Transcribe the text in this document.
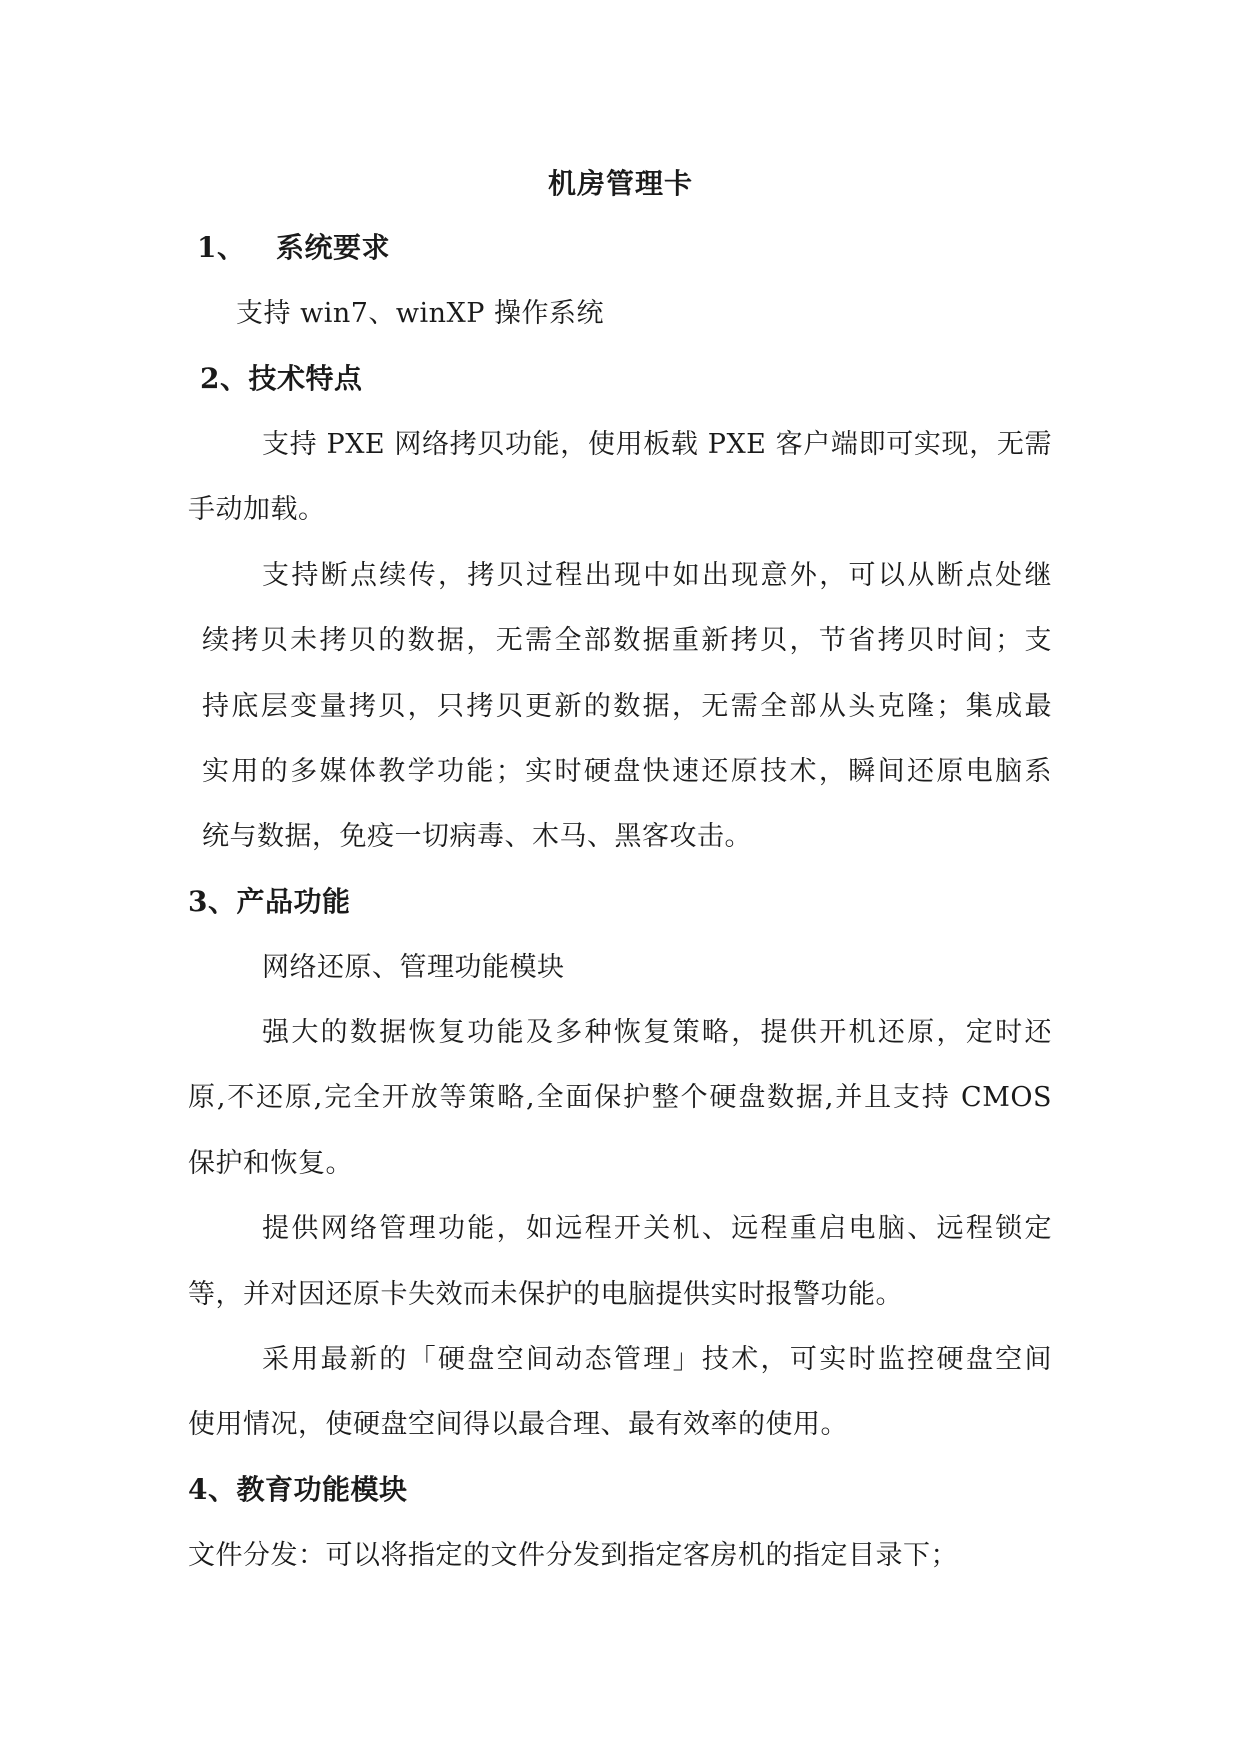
机房管理卡
1、 系统要求
支持 win7、winXP 操作系统
2、技术特点
支持 PXE 网络拷贝功能，使用板载 PXE 客户端即可实现，无需
手动加载。
支持断点续传，拷贝过程出现中如出现意外，可以从断点处继
续拷贝未拷贝的数据，无需全部数据重新拷贝，节省拷贝时间；支
持底层变量拷贝，只拷贝更新的数据，无需全部从头克隆；集成最
实用的多媒体教学功能；实时硬盘快速还原技术，瞬间还原电脑系
统与数据，免疫一切病毒、木马、黑客攻击。
3、产品功能
网络还原、管理功能模块
强大的数据恢复功能及多种恢复策略，提供开机还原，定时还
原,不还原,完全开放等策略,全面保护整个硬盘数据,并且支持 CMOS
保护和恢复。
提供网络管理功能，如远程开关机、远程重启电脑、远程锁定
等，并对因还原卡失效而未保护的电脑提供实时报警功能。
采用最新的「硬盘空间动态管理」技术，可实时监控硬盘空间
使用情况，使硬盘空间得以最合理、最有效率的使用。
4、教育功能模块
文件分发：可以将指定的文件分发到指定客房机的指定目录下；
